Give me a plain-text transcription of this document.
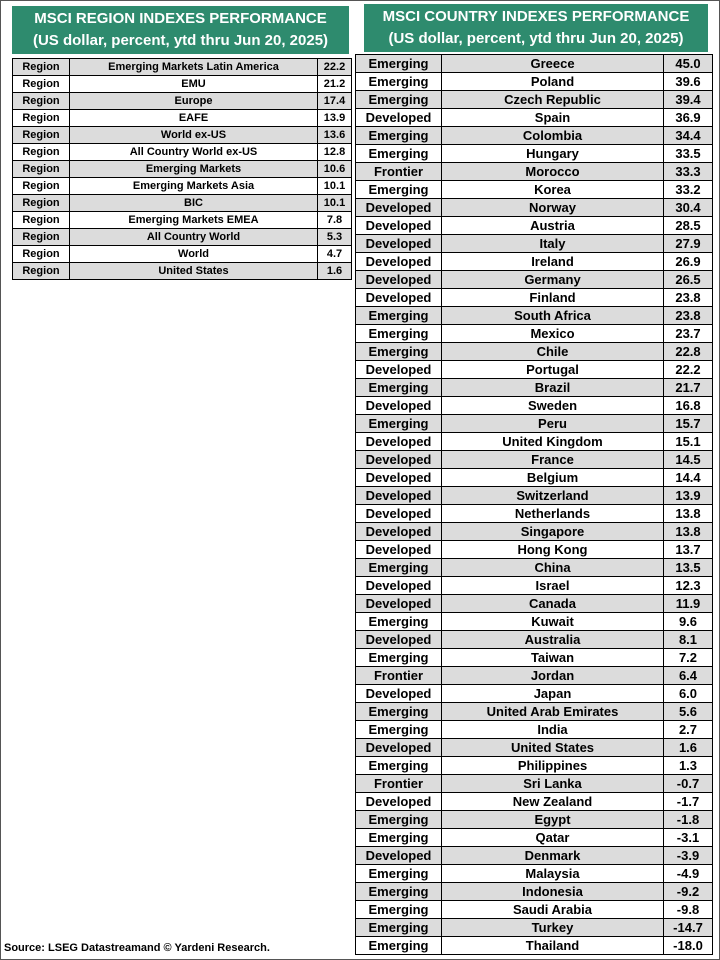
MSCI REGION INDEXES PERFORMANCE
(US dollar, percent, ytd thru Jun 20, 2025)
Region	Emerging Markets Latin America	22.2
Region	EMU	21.2
Region	Europe	17.4
Region	EAFE	13.9
Region	World ex-US	13.6
Region	All Country World ex-US	12.8
Region	Emerging Markets	10.6
Region	Emerging Markets Asia	10.1
Region	BIC	10.1
Region	Emerging Markets EMEA	7.8
Region	All Country World	5.3
Region	World	4.7
Region	United States	1.6
MSCI COUNTRY INDEXES PERFORMANCE
(US dollar, percent, ytd thru Jun 20, 2025)
Emerging	Greece	45.0
Emerging	Poland	39.6
Emerging	Czech Republic	39.4
Developed	Spain	36.9
Emerging	Colombia	34.4
Emerging	Hungary	33.5
Frontier	Morocco	33.3
Emerging	Korea	33.2
Developed	Norway	30.4
Developed	Austria	28.5
Developed	Italy	27.9
Developed	Ireland	26.9
Developed	Germany	26.5
Developed	Finland	23.8
Emerging	South Africa	23.8
Emerging	Mexico	23.7
Emerging	Chile	22.8
Developed	Portugal	22.2
Emerging	Brazil	21.7
Developed	Sweden	16.8
Emerging	Peru	15.7
Developed	United Kingdom	15.1
Developed	France	14.5
Developed	Belgium	14.4
Developed	Switzerland	13.9
Developed	Netherlands	13.8
Developed	Singapore	13.8
Developed	Hong Kong	13.7
Emerging	China	13.5
Developed	Israel	12.3
Developed	Canada	11.9
Emerging	Kuwait	9.6
Developed	Australia	8.1
Emerging	Taiwan	7.2
Frontier	Jordan	6.4
Developed	Japan	6.0
Emerging	United Arab Emirates	5.6
Emerging	India	2.7
Developed	United States	1.6
Emerging	Philippines	1.3
Frontier	Sri Lanka	-0.7
Developed	New Zealand	-1.7
Emerging	Egypt	-1.8
Emerging	Qatar	-3.1
Developed	Denmark	-3.9
Emerging	Malaysia	-4.9
Emerging	Indonesia	-9.2
Emerging	Saudi Arabia	-9.8
Emerging	Turkey	-14.7
Emerging	Thailand	-18.0
Source: LSEG Datastreamand © Yardeni Research.
